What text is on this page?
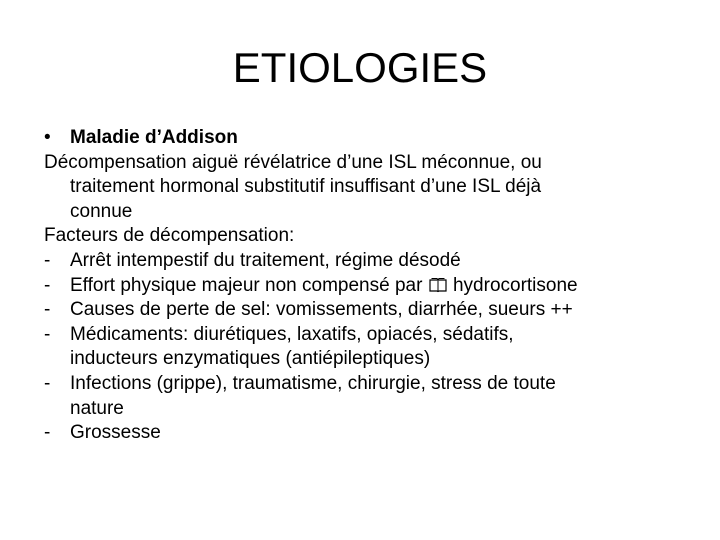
ETIOLOGIES
•	Maladie d’Addison
Décompensation aiguë révélatrice d’une ISL méconnue, ou
traitement hormonal substitutif insuffisant d’une ISL déjà
connue
Facteurs de décompensation:
-	Arrêt intempestif du traitement, régime désodé
-	Effort physique majeur non compensé par hydrocortisone
-	Causes de perte de sel: vomissements, diarrhée, sueurs ++
-	Médicaments: diurétiques, laxatifs, opiacés, sédatifs,
inducteurs enzymatiques (antiépileptiques)
-	Infections (grippe), traumatisme, chirurgie, stress de toute
nature
-	Grossesse
